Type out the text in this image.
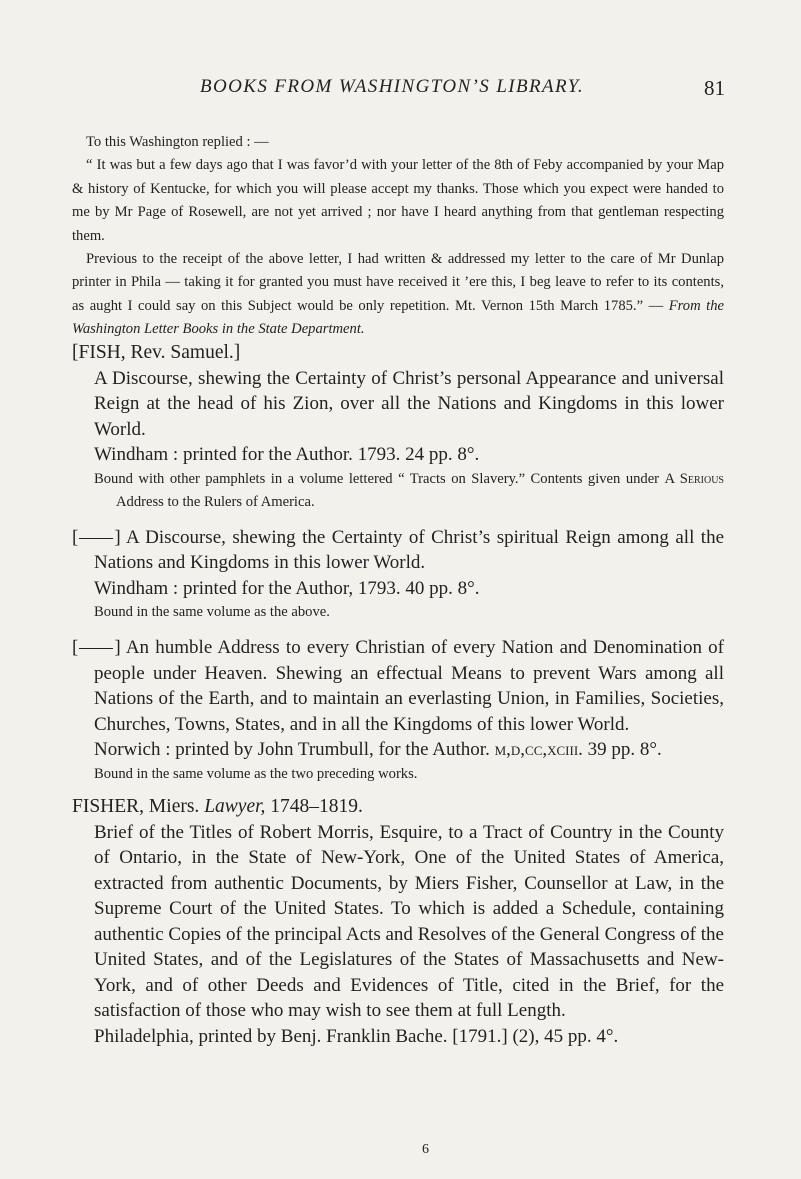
BOOKS FROM WASHINGTON’S LIBRARY.	81

To this Washington replied : —

“ It was but a few days ago that I was favor’d with your letter of the 8th of Feby accompanied by your Map & history of Kentucke, for which you will please accept my thanks. Those which you expect were handed to me by Mr Page of Rosewell, are not yet arrived ; nor have I heard anything from that gentleman respecting them.

Previous to the receipt of the above letter, I had written & addressed my letter to the care of Mr Dunlap printer in Phila — taking it for granted you must have received it ’ere this, I beg leave to refer to its contents, as aught I could say on this Subject would be only repetition. Mt. Vernon 15th March 1785.” — From the Washington Letter Books in the State Department.

[FISH, Rev. Samuel.]

A Discourse, shewing the Certainty of Christ’s personal Appearance and universal Reign at the head of his Zion, over all the Nations and Kingdoms in this lower World.

Windham : printed for the Author. 1793. 24 pp. 8°.

Bound with other pamphlets in a volume lettered “ Tracts on Slavery.” Contents given under A Serious Address to the Rulers of America.

[ ] A Discourse, shewing the Certainty of Christ’s spiritual Reign among all the Nations and Kingdoms in this lower World.

Windham : printed for the Author, 1793. 40 pp. 8°.

Bound in the same volume as the above.

[ ] An humble Address to every Christian of every Nation and Denomination of people under Heaven. Shewing an effectual Means to prevent Wars among all Nations of the Earth, and to maintain an everlasting Union, in Families, Societies, Churches, Towns, States, and in all the Kingdoms of this lower World.

Norwich : printed by John Trumbull, for the Author. m,d,cc,xciii. 39 pp. 8°.

Bound in the same volume as the two preceding works.

FISHER, Miers. Lawyer, 1748–1819.

Brief of the Titles of Robert Morris, Esquire, to a Tract of Country in the County of Ontario, in the State of New-York, One of the United States of America, extracted from authentic Documents, by Miers Fisher, Counsellor at Law, in the Supreme Court of the United States. To which is added a Schedule, containing authentic Copies of the principal Acts and Resolves of the General Congress of the United States, and of the Legislatures of the States of Massachusetts and New-York, and of other Deeds and Evidences of Title, cited in the Brief, for the satisfaction of those who may wish to see them at full Length.

Philadelphia, printed by Benj. Franklin Bache. [1791.] (2), 45 pp. 4°.

6
